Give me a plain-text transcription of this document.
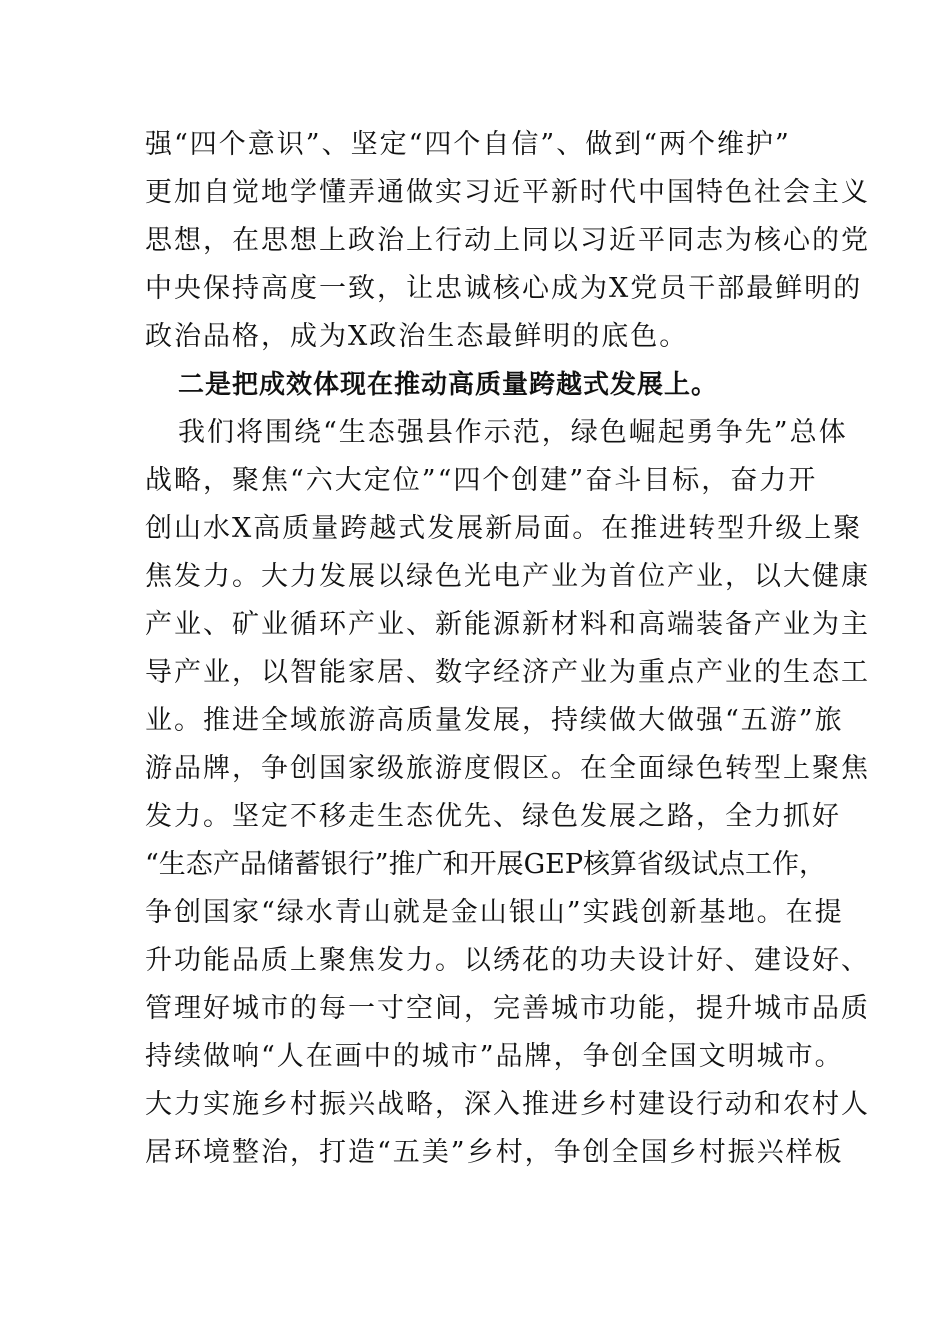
强“四个意识”、坚定“四个自信”、做到“两个维护”
更加自觉地学懂弄通做实习近平新时代中国特色社会主义
思想，在思想上政治上行动上同以习近平同志为核心的党
中央保持高度一致，让忠诚核心成为X党员干部最鲜明的
政治品格，成为X政治生态最鲜明的底色。
二是把成效体现在推动高质量跨越式发展上。
我们将围绕“生态强县作示范，绿色崛起勇争先”总体
战略，聚焦“六大定位”“四个创建”奋斗目标，奋力开
创山水X高质量跨越式发展新局面。在推进转型升级上聚
焦发力。大力发展以绿色光电产业为首位产业，以大健康
产业、矿业循环产业、新能源新材料和高端装备产业为主
导产业，以智能家居、数字经济产业为重点产业的生态工
业。推进全域旅游高质量发展，持续做大做强“五游”旅
游品牌，争创国家级旅游度假区。在全面绿色转型上聚焦
发力。坚定不移走生态优先、绿色发展之路，全力抓好
“生态产品储蓄银行”推广和开展GEP核算省级试点工作，
争创国家“绿水青山就是金山银山”实践创新基地。在提
升功能品质上聚焦发力。以绣花的功夫设计好、建设好、
管理好城市的每一寸空间，完善城市功能，提升城市品质
持续做响“人在画中的城市”品牌，争创全国文明城市。
大力实施乡村振兴战略，深入推进乡村建设行动和农村人
居环境整治，打造“五美”乡村，争创全国乡村振兴样板
